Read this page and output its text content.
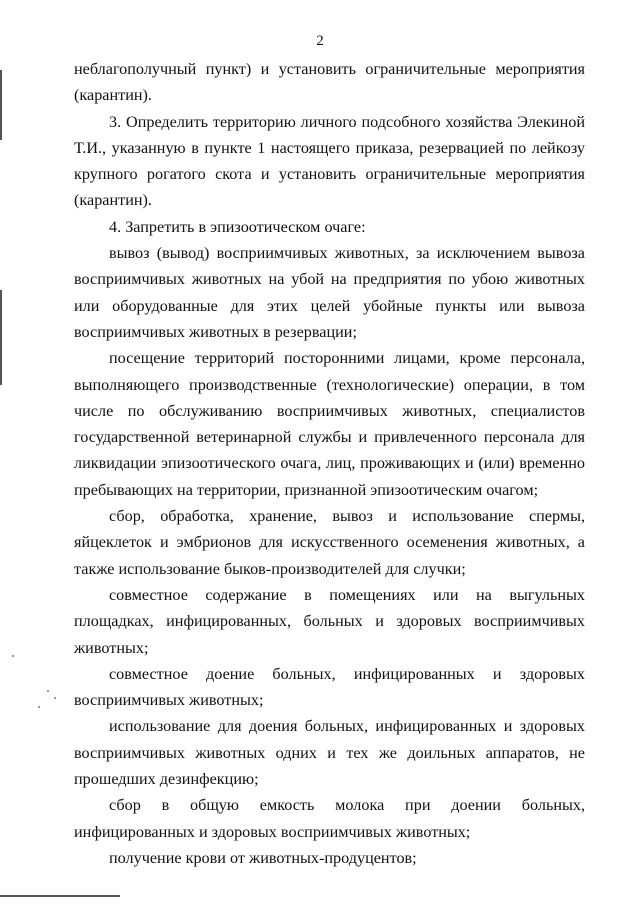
2

неблагополучный пункт) и установить ограничительные мероприятия (карантин).

3. Определить территорию личного подсобного хозяйства Элекиной Т.И., указанную в пункте 1 настоящего приказа, резервацией по лейкозу крупного рогатого скота и установить ограничительные мероприятия (карантин).

4. Запретить в эпизоотическом очаге:

вывоз (вывод) восприимчивых животных, за исключением вывоза восприимчивых животных на убой на предприятия по убою животных или оборудованные для этих целей убойные пункты или вывоза восприимчивых животных в резервации;

посещение территорий посторонними лицами, кроме персонала, выполняющего производственные (технологические) операции, в том числе по обслуживанию восприимчивых животных, специалистов государственной ветеринарной службы и привлеченного персонала для ликвидации эпизоотического очага, лиц, проживающих и (или) временно пребывающих на территории, признанной эпизоотическим очагом;

сбор, обработка, хранение, вывоз и использование спермы, яйцеклеток и эмбрионов для искусственного осеменения животных, а также использование быков-производителей для случки;

совместное содержание в помещениях или на выгульных площадках, инфицированных, больных и здоровых восприимчивых животных;

совместное доение больных, инфицированных и здоровых восприимчивых животных;

использование для доения больных, инфицированных и здоровых восприимчивых животных одних и тех же доильных аппаратов, не прошедших дезинфекцию;

сбор в общую емкость молока при доении больных, инфицированных и здоровых восприимчивых животных;

получение крови от животных-продуцентов;
